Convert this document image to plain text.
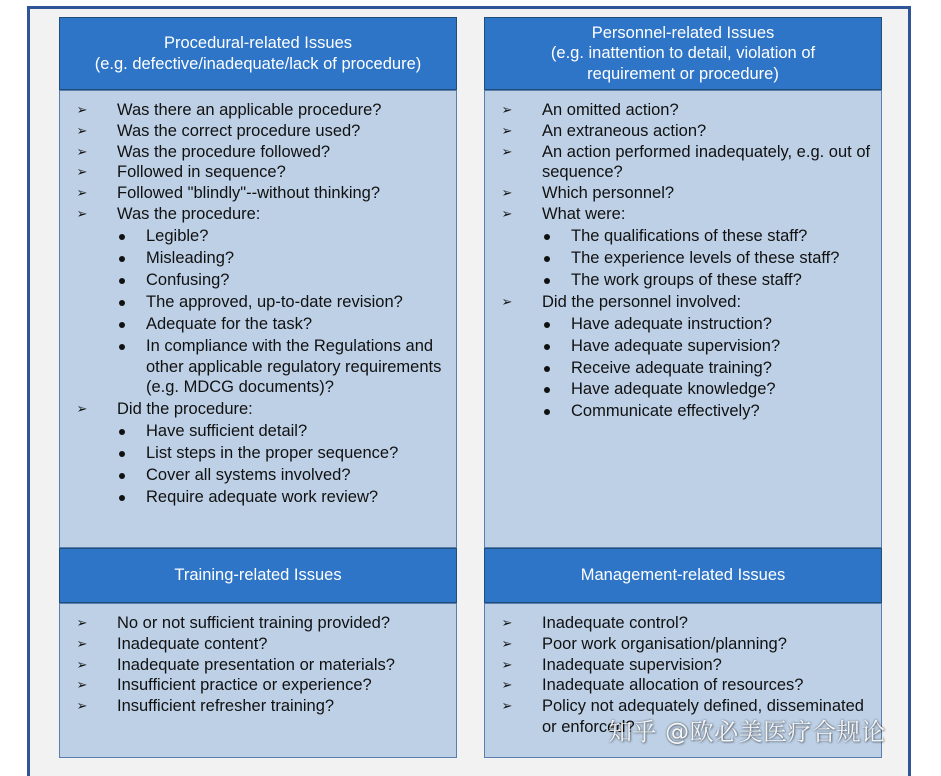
Procedural-related Issues
(e.g. defective/inadequate/lack of procedure)
➢ Was there an applicable procedure?
➢ Was the correct procedure used?
➢ Was the procedure followed?
➢ Followed in sequence?
➢ Followed "blindly"--without thinking?
➢ Was the procedure:
Legible?
Misleading?
Confusing?
The approved, up-to-date revision?
Adequate for the task?
In compliance with the Regulations and other applicable regulatory requirements (e.g. MDCG documents)?
➢ Did the procedure:
Have sufficient detail?
List steps in the proper sequence?
Cover all systems involved?
Require adequate work review?
Personnel-related Issues
(e.g. inattention to detail, violation of requirement or procedure)
➢ An omitted action?
➢ An extraneous action?
➢ An action performed inadequately, e.g. out of sequence?
➢ Which personnel?
➢ What were:
The qualifications of these staff?
The experience levels of these staff?
The work groups of these staff?
➢ Did the personnel involved:
Have adequate instruction?
Have adequate supervision?
Receive adequate training?
Have adequate knowledge?
Communicate effectively?
Training-related Issues
➢ No or not sufficient training provided?
➢ Inadequate content?
➢ Inadequate presentation or materials?
➢ Insufficient practice or experience?
➢ Insufficient refresher training?
Management-related Issues
➢ Inadequate control?
➢ Poor work organisation/planning?
➢ Inadequate supervision?
➢ Inadequate allocation of resources?
➢ Policy not adequately defined, disseminated or enforced?
知乎 @欧必美医疗合规论
